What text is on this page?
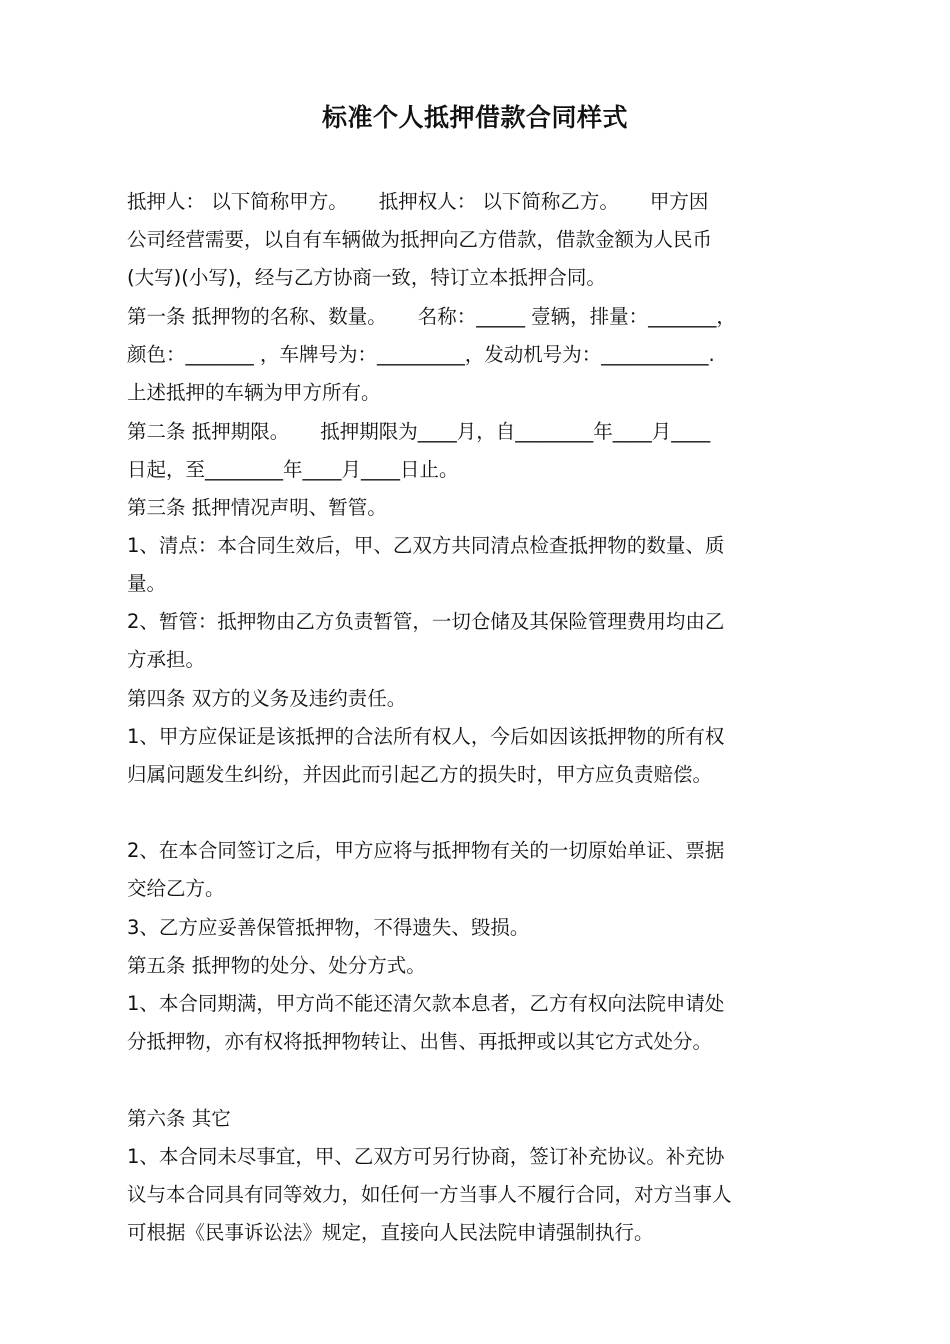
标准个人抵押借款合同样式
抵押人： 以下简称甲方。     抵押权人： 以下简称乙方。     甲方因
公司经营需要，以自有车辆做为抵押向乙方借款，借款金额为人民币
(大写)(小写)，经与乙方协商一致，特订立本抵押合同。
第一条 抵押物的名称、数量。     名称：_____ 壹辆，排量：_______，
颜色：_______ ，车牌号为：_________，发动机号为：___________.
上述抵押的车辆为甲方所有。
第二条 抵押期限。     抵押期限为____月，自________年____月____
日起，至________年____月____日止。
第三条 抵押情况声明、暂管。
1、清点：本合同生效后，甲、乙双方共同清点检查抵押物的数量、质
量。
2、暂管：抵押物由乙方负责暂管，一切仓储及其保险管理费用均由乙
方承担。
第四条 双方的义务及违约责任。
1、甲方应保证是该抵押的合法所有权人，今后如因该抵押物的所有权
归属问题发生纠纷，并因此而引起乙方的损失时，甲方应负责赔偿。
2、在本合同签订之后，甲方应将与抵押物有关的一切原始单证、票据
交给乙方。
3、乙方应妥善保管抵押物，不得遗失、毁损。
第五条 抵押物的处分、处分方式。
1、本合同期满，甲方尚不能还清欠款本息者，乙方有权向法院申请处
分抵押物，亦有权将抵押物转让、出售、再抵押或以其它方式处分。
第六条 其它
1、本合同未尽事宜，甲、乙双方可另行协商，签订补充协议。补充协
议与本合同具有同等效力，如任何一方当事人不履行合同，对方当事人
可根据《民事诉讼法》规定，直接向人民法院申请强制执行。
